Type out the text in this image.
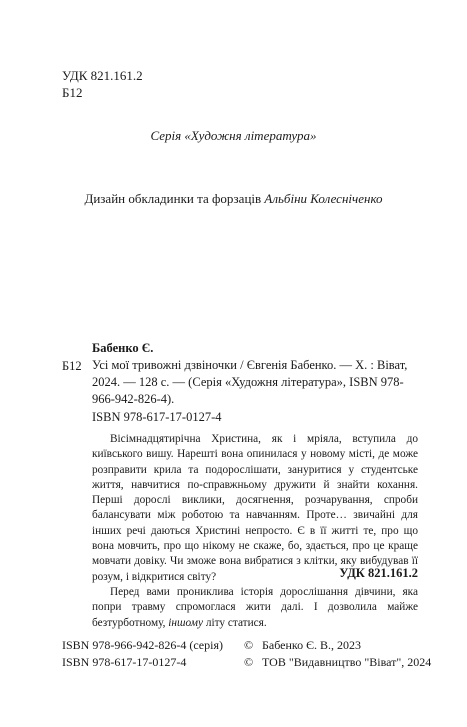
УДК 821.161.2
Б12
Серія «Художня література»
Дизайн обкладинки та форзаців Альбіни Колесніченко
Б12

Бабенко Є.

Усі мої тривожні дзвіночки / Євгенія Бабенко. — Х. : Віват, 2024. — 128 с. — (Серія «Художня література», ISBN 978-966-942-826-4).

ISBN 978-617-17-0127-4

Вісімнадцятирічна Христина, як і мріяла, вступила до київського вишу. Нарешті вона опинилася у новому місті, де може розправити крила та подорослішати, зануритися у студентське життя, навчитися по-справжньому дружити й знайти кохання. Перші дорослі виклики, досягнення, розчарування, спроби балансувати між роботою та навчанням. Проте… звичайні для інших речі даються Христині непросто. Є в її житті те, про що вона мовчить, про що нікому не скаже, бо, здається, про це краще мовчати довіку. Чи зможе вона вибратися з клітки, яку вибудував її розум, і відкритися світу?

Перед вами прониклива історія дорослішання дівчини, яка попри травму спромоглася жити далі. І дозволила майже безтурботному, іншому літу статися.

УДК 821.161.2
ISBN 978-966-942-826-4 (серія)
ISBN 978-617-17-0127-4
© Бабенко Є. В., 2023
© ТОВ "Видавництво "Віват", 2024
